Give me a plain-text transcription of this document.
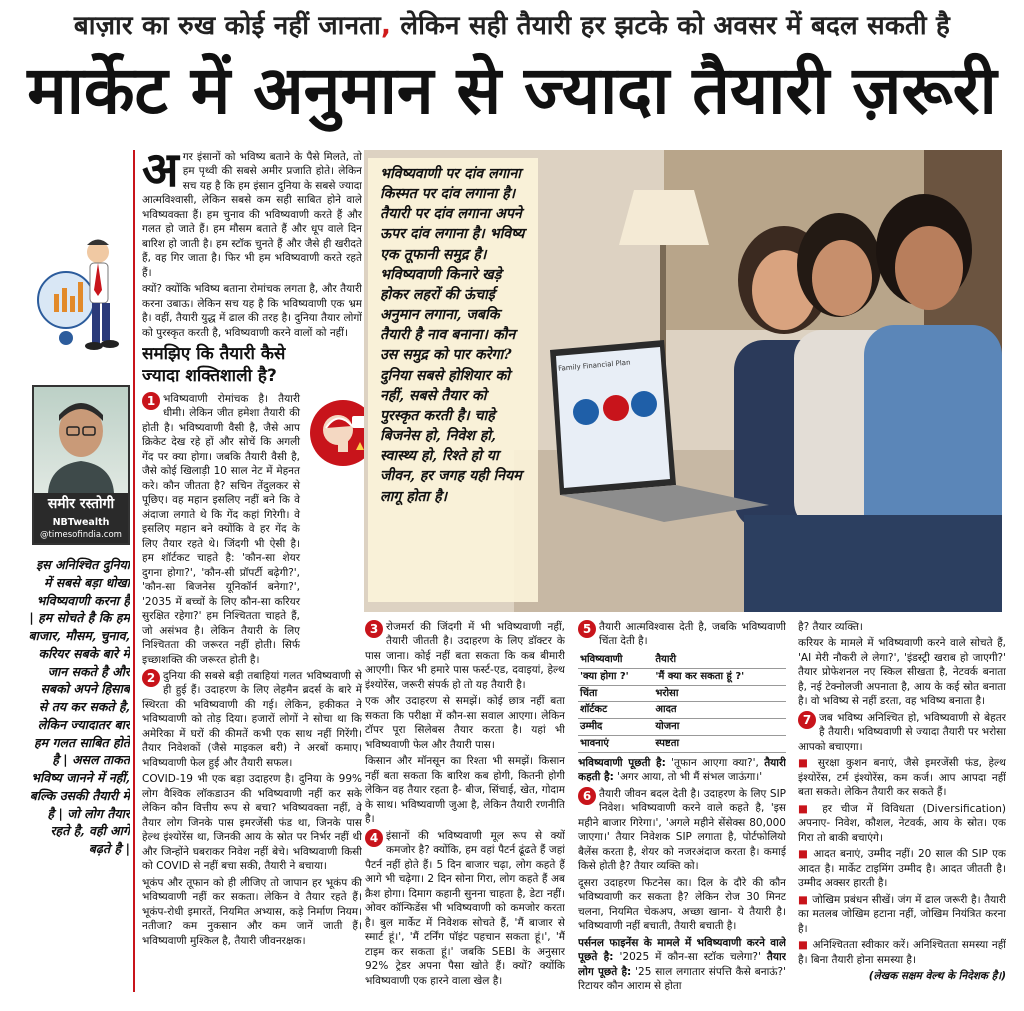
बाज़ार का रुख कोई नहीं जानता, लेकिन सही तैयारी हर झटके को अवसर में बदल सकती है
मार्केट में अनुमान से ज्यादा तैयारी ज़रूरी
समीर रस्तोगी
NBTwealth
@timesofindia.com
इस अनिश्चित दुनिया में सबसे बड़ा धोखा भविष्यवाणी करना है | हम सोचते है कि हम बाजार, मौसम, चुनाव, करियर सबके बारे में जान सकते है और सबको अपने हिसाब से तय कर सकते है, लेकिन ज्यादातर बार हम गलत साबित होते है | असल ताकत भविष्य जानने में नहीं, बल्कि उसकी तैयारी में है | जो लोग तैयार रहते है, वही आगे बढ़ते है |

अगर इंसानों को भविष्य बताने के पैसे मिलते, तो हम पृथ्वी की सबसे अमीर प्रजाति होते। लेकिन सच यह है कि हम इंसान दुनिया के सबसे ज्यादा आत्मविश्वासी, लेकिन सबसे कम सही साबित होने वाले भविष्यवक्ता हैं। हम चुनाव की भविष्यवाणी करते हैं और गलत हो जाते हैं। हम मौसम बताते हैं और धूप वाले दिन बारिश हो जाती है। हम स्टॉक चुनते हैं और जैसे ही खरीदते हैं, वह गिर जाता है। फिर भी हम भविष्यवाणी करते रहते हैं।

क्यों? क्योंकि भविष्य बताना रोमांचक लगता है, और तैयारी करना उबाऊ। लेकिन सच यह है कि भविष्यवाणी एक भ्रम है। वहीं, तैयारी युद्ध में ढाल की तरह है। दुनिया तैयार लोगों को पुरस्कृत करती है, भविष्यवाणी करने वालों को नहीं।

समझिए कि तैयारी कैसे ज्यादा शक्तिशाली है?

1 भविष्यवाणी रोमांचक है। तैयारी धीमी। लेकिन जीत हमेशा तैयारी की होती है। भविष्यवाणी वैसी है, जैसे आप क्रिकेट देख रहे हों और सोचें कि अगली गेंद पर क्या होगा। जबकि तैयारी वैसी है, जैसे कोई खिलाड़ी 10 साल नेट में मेहनत करे। कौन जीतता है? सचिन तेंदुलकर से पूछिए। वह महान इसलिए नहीं बने कि वे अंदाजा लगाते थे कि गेंद कहां गिरेगी। वे इसलिए महान बने क्योंकि वे हर गेंद के लिए तैयार रहते थे। जिंदगी भी ऐसी है। हम शॉर्टकट चाहते है: 'कौन-सा शेयर दुगना होगा?', 'कौन-सी प्रॉपर्टी बढ़ेगी?', 'कौन-सा बिजनेस यूनिकॉर्न बनेगा?', '2035 में बच्चों के लिए कौन-सा करियर सुरक्षित रहेगा?' हम निश्चितता चाहते हैं, जो असंभव है। लेकिन तैयारी के लिए निश्चितता की जरूरत नहीं होती। सिर्फ इच्छाशक्ति की जरूरत होती है।

2 दुनिया की सबसे बड़ी तबाहियां गलत भविष्यवाणी से ही हुई हैं। उदाहरण के लिए लेहमैन ब्रदर्स के बारे में स्थिरता की भविष्यवाणी की गई। लेकिन, हकीकत ने भविष्यवाणी को तोड़ दिया। हजारों लोगों ने सोचा था कि अमेरिका में घरों की कीमतें कभी एक साथ नहीं गिरेंगी। तैयार निवेशकों (जैसे माइकल बरी) ने अरबों कमाए। भविष्यवाणी फेल हुई और तैयारी सफल।

COVID-19 भी एक बड़ा उदाहरण है। दुनिया के 99% लोग वैश्विक लॉकडाउन की भविष्यवाणी नहीं कर सके लेकिन कौन वित्तीय रूप से बचा? भविष्यवक्ता नहीं, वे तैयार लोग जिनके पास इमरजेंसी फंड था, जिनके पास हेल्थ इंश्योरेंस था, जिनकी आय के स्रोत पर निर्भर नहीं थी और जिन्होंने घबराकर निवेश नहीं बेचे। भविष्यवाणी किसी को COVID से नहीं बचा सकी, तैयारी ने बचाया।

भूकंप और तूफान को ही लीजिए तो जापान हर भूकंप की भविष्यवाणी नहीं कर सकता। लेकिन वे तैयार रहते हैं। भूकंप-रोधी इमारतें, नियमित अभ्यास, कड़े निर्माण नियम। नतीजा? कम नुकसान और कम जानें जाती हैं। भविष्यवाणी मुश्किल है, तैयारी जीवनरक्षक।

Family Financial Plan
भविष्यवाणी पर दांव लगाना किस्मत पर दांव लगाना है। तैयारी पर दांव लगाना अपने ऊपर दांव लगाना है। भविष्य एक तूफानी समुद्र है। भविष्यवाणी किनारे खड़े होकर लहरों की ऊंचाई अनुमान लगाना, जबकि तैयारी है नाव बनाना। कौन उस समुद्र को पार करेगा? दुनिया सबसे होशियार को नहीं, सबसे तैयार को पुरस्कृत करती है। चाहे बिजनेस हो, निवेश हो, स्वास्थ्य हो, रिश्ते हो या जीवन, हर जगह यही नियम लागू होता है।

3 रोजमर्रा की जिंदगी में भी भविष्यवाणी नहीं, तैयारी जीतती है। उदाहरण के लिए डॉक्टर के पास जाना। कोई नहीं बता सकता कि कब बीमारी आएगी। फिर भी हमारे पास फर्स्ट-एड, दवाइयां, हेल्थ इंश्योरेंस, जरूरी संपर्क हो तो यह तैयारी है।

एक और उदाहरण से समझें। कोई छात्र नहीं बता सकता कि परीक्षा में कौन-सा सवाल आएगा। लेकिन टॉपर पूरा सिलेबस तैयार करता है। यहां भी भविष्यवाणी फेल और तैयारी पास।

किसान और मॉनसून का रिश्ता भी समझें। किसान नहीं बता सकता कि बारिश कब होगी, कितनी होगी लेकिन वह तैयार रहता है- बीज, सिंचाई, खेत, गोदाम के साथ। भविष्यवाणी जुआ है, लेकिन तैयारी रणनीति है।

4 इंसानों की भविष्यवाणी मूल रूप से क्यों कमजोर है? क्योंकि, हम वहां पैटर्न ढूंढते हैं जहां पैटर्न नहीं होते हैं। 5 दिन बाजार चढ़ा, लोग कहते हैं आगे भी चढ़ेगा। 2 दिन सोना गिरा, लोग कहते हैं अब क्रैश होगा। दिमाग कहानी सुनना चाहता है, डेटा नहीं। ओवर कॉन्फिडेंस भी भविष्यवाणी को कमजोर करता है। बुल मार्केट में निवेशक सोचते हैं, 'मैं बाजार से स्मार्ट हूं।', 'मैं टर्निंग पॉइंट पहचान सकता हूं।', 'मैं टाइम कर सकता हूं।' जबकि SEBI के अनुसार 92% ट्रेडर अपना पैसा खोते हैं। क्यों? क्योंकि भविष्यवाणी एक हारने वाला खेल है।

5 तैयारी आत्मविश्वास देती है, जबकि भविष्यवाणी चिंता देती है।

भविष्यवाणी	तैयारी
'क्या होगा ?'	'मैं क्या कर सकता हूं ?'
चिंता	भरोसा
शॉर्टकट	आदत
उम्मीद	योजना
भावनाएं	स्पष्टता

भविष्यवाणी पूछती है: 'तूफान आएगा क्या?', तैयारी कहती है: 'अगर आया, तो भी मैं संभल जाऊंगा।'

6 तैयारी जीवन बदल देती है। उदाहरण के लिए SIP निवेश। भविष्यवाणी करने वाले कहते है, 'इस महीने बाजार गिरेगा।', 'अगले महीने सेंसेक्स 80,000 जाएगा।' तैयार निवेशक SIP लगाता है, पोर्टफोलियो बैलेंस करता है, शेयर को नजरअंदाज करता है। कमाई किसे होती है? तैयार व्यक्ति को।

दूसरा उदाहरण फिटनेस का। दिल के दौरे की कौन भविष्यवाणी कर सकता है? लेकिन रोज 30 मिनट चलना, नियमित चेकअप, अच्छा खाना- ये तैयारी है। भविष्यवाणी नहीं बचाती, तैयारी बचाती है।

पर्सनल फाइनेंस के मामले में भविष्यवाणी करने वाले पूछते है: '2025 में कौन-सा स्टॉक चलेगा?' तैयार लोग पूछते है: '25 साल लगातार संपत्ति कैसे बनाऊं?' रिटायर कौन आराम से होता

है? तैयार व्यक्ति।

करियर के मामले में भविष्यवाणी करने वाले सोचते हैं, 'AI मेरी नौकरी ले लेगा?', 'इंडस्ट्री खराब हो जाएगी?' तैयार प्रोफेशनल नए स्किल सीखता है, नेटवर्क बनाता है, नई टेक्नोलजी अपनाता है, आय के कई स्रोत बनाता है। वो भविष्य से नहीं डरता, वह भविष्य बनाता है।

7 जब भविष्य अनिश्चित हो, भविष्यवाणी से बेहतर है तैयारी। भविष्यवाणी से ज्यादा तैयारी पर भरोसा आपको बचाएगा।

■ सुरक्षा कुशन बनाएं, जैसे इमरजेंसी फंड, हेल्थ इंश्योरेंस, टर्म इंश्योरेंस, कम कर्ज। आप आपदा नहीं बता सकते। लेकिन तैयारी कर सकते हैं।

■ हर चीज में विविधता (Diversification) अपनाए- निवेश, कौशल, नेटवर्क, आय के स्रोत। एक गिरा तो बाकी बचाएंगे।

■ आदत बनाएं, उम्मीद नहीं। 20 साल की SIP एक आदत है। मार्केट टाइमिंग उम्मीद है। आदत जीतती है। उम्मीद अक्सर हारती है।

■ जोखिम प्रबंधन सीखें। जंग में ढाल जरूरी है। तैयारी का मतलब जोखिम हटाना नहीं, जोखिम नियंत्रित करना है।

■ अनिश्चितता स्वीकार करें। अनिश्चितता समस्या नहीं है। बिना तैयारी होना समस्या है।

(लेखक सक्षम वेल्थ के निदेशक है।)
